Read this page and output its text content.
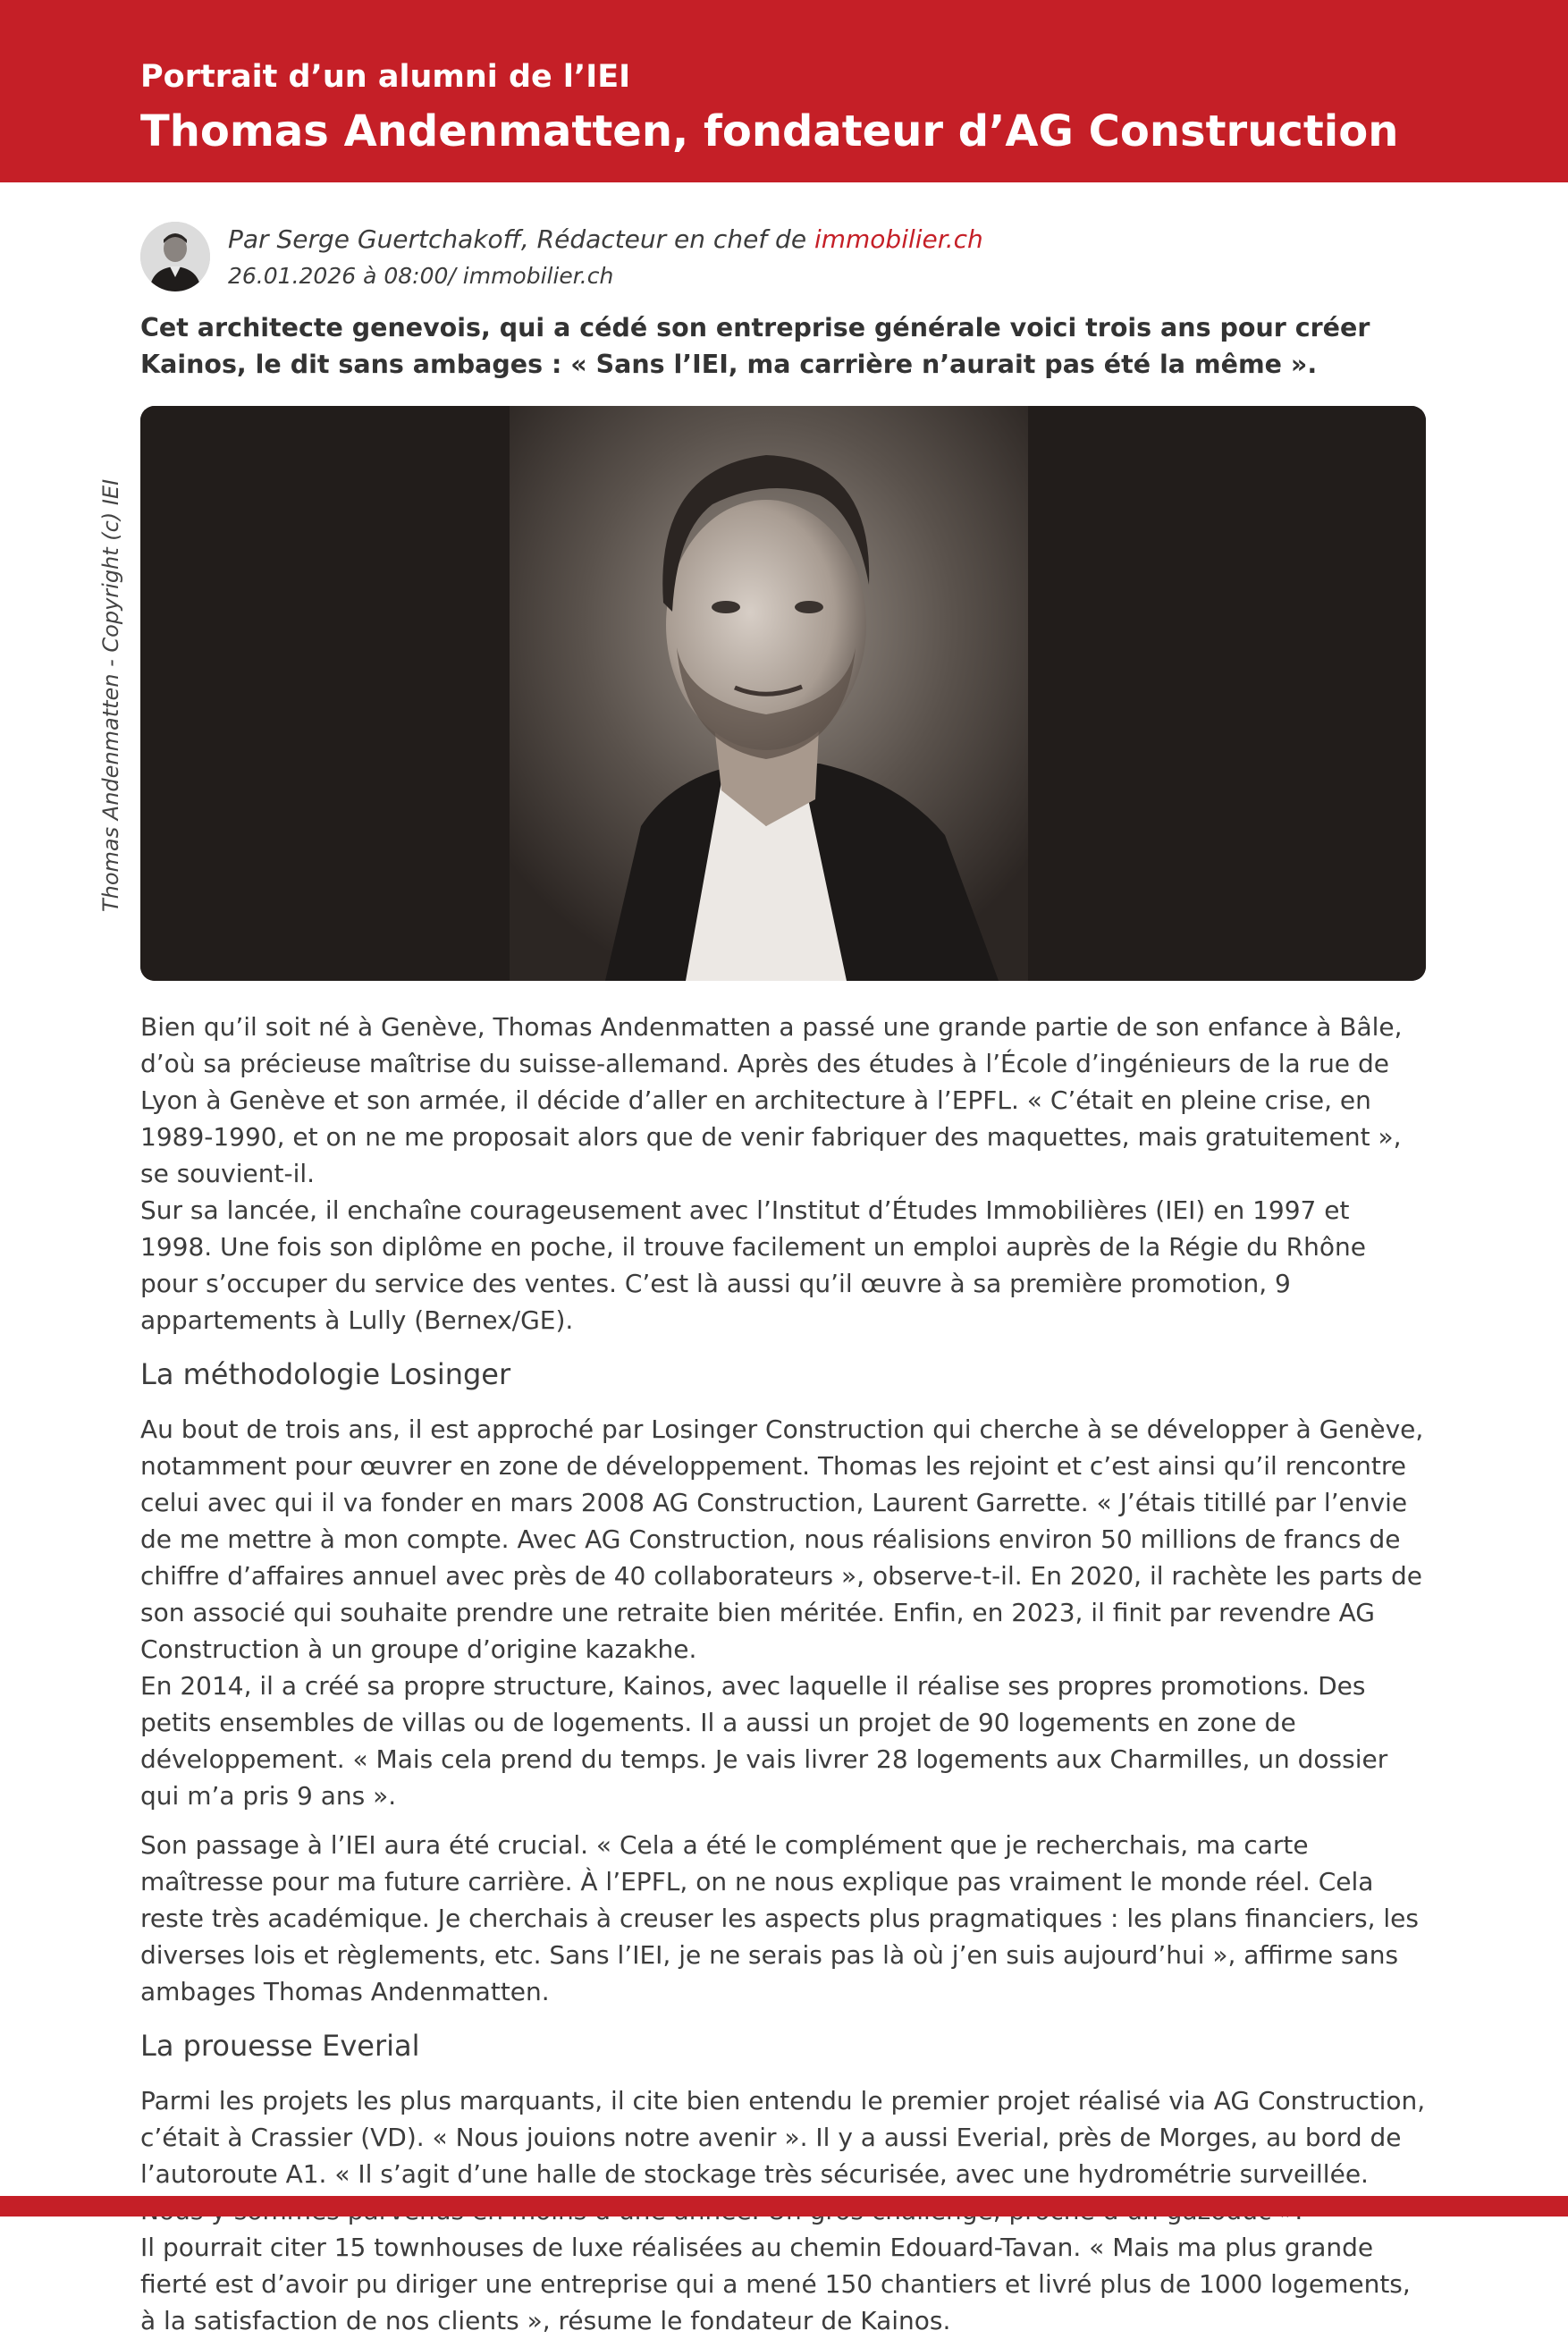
Portrait d’un alumni de l’IEI
Thomas Andenmatten, fondateur d’AG Construction

Par Serge Guertchakoff, Rédacteur en chef de immobilier.ch

26.01.2026 à 08:00/ immobilier.ch

Cet architecte genevois, qui a cédé son entreprise générale voici trois ans pour créer Kainos, le dit sans ambages : « Sans l’IEI, ma carrière n’aurait pas été la même ».

Thomas Andenmatten - Copyright (c) IEI

Bien qu’il soit né à Genève, Thomas Andenmatten a passé une grande partie de son enfance à Bâle, d’où sa précieuse maîtrise du suisse-allemand. Après des études à l’École d’ingénieurs de la rue de Lyon à Genève et son armée, il décide d’aller en architecture à l’EPFL. « C’était en pleine crise, en 1989-1990, et on ne me proposait alors que de venir fabriquer des maquettes, mais gratuitement », se souvient-il.

Sur sa lancée, il enchaîne courageusement avec l’Institut d’Études Immobilières (IEI) en 1997 et 1998. Une fois son diplôme en poche, il trouve facilement un emploi auprès de la Régie du Rhône pour s’occuper du service des ventes. C’est là aussi qu’il œuvre à sa première promotion, 9 appartements à Lully (Bernex/GE).

La méthodologie Losinger

Au bout de trois ans, il est approché par Losinger Construction qui cherche à se développer à Genève, notamment pour œuvrer en zone de développement. Thomas les rejoint et c’est ainsi qu’il rencontre celui avec qui il va fonder en mars 2008 AG Construction, Laurent Garrette. « J’étais titillé par l’envie de me mettre à mon compte. Avec AG Construction, nous réalisions environ 50 millions de francs de chiffre d’affaires annuel avec près de 40 collaborateurs », observe-t-il. En 2020, il rachète les parts de son associé qui souhaite prendre une retraite bien méritée. Enfin, en 2023, il finit par revendre AG Construction à un groupe d’origine kazakhe.

En 2014, il a créé sa propre structure, Kainos, avec laquelle il réalise ses propres promotions. Des petits ensembles de villas ou de logements. Il a aussi un projet de 90 logements en zone de développement. « Mais cela prend du temps. Je vais livrer 28 logements aux Charmilles, un dossier qui m’a pris 9 ans ».

Son passage à l’IEI aura été crucial. « Cela a été le complément que je recherchais, ma carte maîtresse pour ma future carrière. À l’EPFL, on ne nous explique pas vraiment le monde réel. Cela reste très académique. Je cherchais à creuser les aspects plus pragmatiques : les plans financiers, les diverses lois et règlements, etc. Sans l’IEI, je ne serais pas là où j’en suis aujourd’hui », affirme sans ambages Thomas Andenmatten.

La prouesse Everial

Parmi les projets les plus marquants, il cite bien entendu le premier projet réalisé via AG Construction, c’était à Crassier (VD). « Nous jouions notre avenir ». Il y a aussi Everial, près de Morges, au bord de l’autoroute A1. « Il s’agit d’une halle de stockage très sécurisée, avec une hydrométrie surveillée.

Il pourrait citer 15 townhouses de luxe réalisées au chemin Edouard-Tavan. « Mais ma plus grande fierté est d’avoir pu diriger une entreprise qui a mené 150 chantiers et livré plus de 1000 logements, à la satisfaction de nos clients », résume le fondateur de Kainos.
